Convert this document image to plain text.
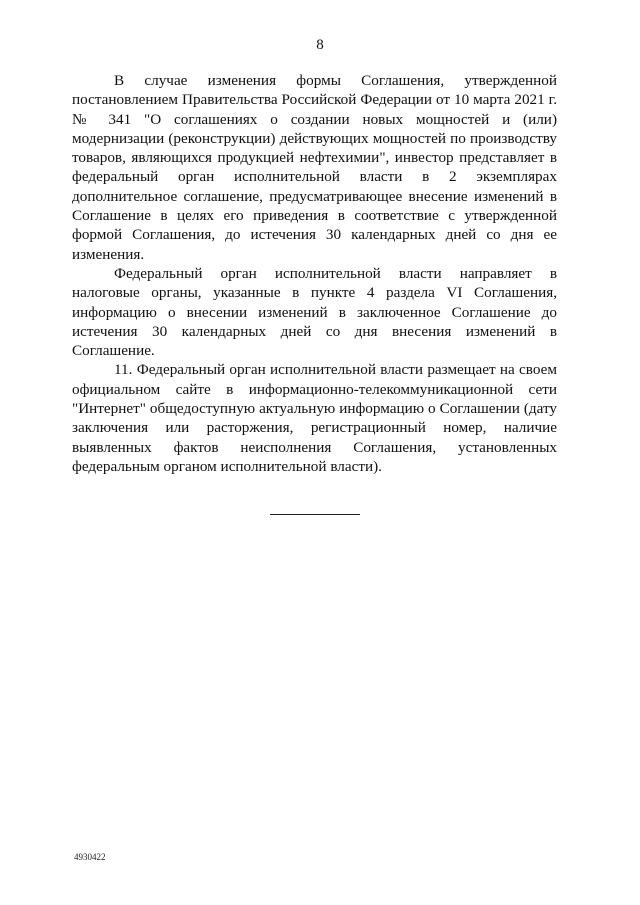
8

В случае изменения формы Соглашения, утвержденной постановлением Правительства Российской Федерации от 10 марта 2021 г. № 341 "О соглашениях о создании новых мощностей и (или) модернизации (реконструкции) действующих мощностей по производству товаров, являющихся продукцией нефтехимии", инвестор представляет в федеральный орган исполнительной власти в 2 экземплярах дополнительное соглашение, предусматривающее внесение изменений в Соглашение в целях его приведения в соответствие с утвержденной формой Соглашения, до истечения 30 календарных дней со дня ее изменения.

Федеральный орган исполнительной власти направляет в налоговые органы, указанные в пункте 4 раздела VI Соглашения, информацию о внесении изменений в заключенное Соглашение до истечения 30 календарных дней со дня внесения изменений в Соглашение.

11. Федеральный орган исполнительной власти размещает на своем официальном сайте в информационно-телекоммуникационной сети "Интернет" общедоступную актуальную информацию о Соглашении (дату заключения или расторжения, регистрационный номер, наличие выявленных фактов неисполнения Соглашения, установленных федеральным органом исполнительной власти).

4930422
